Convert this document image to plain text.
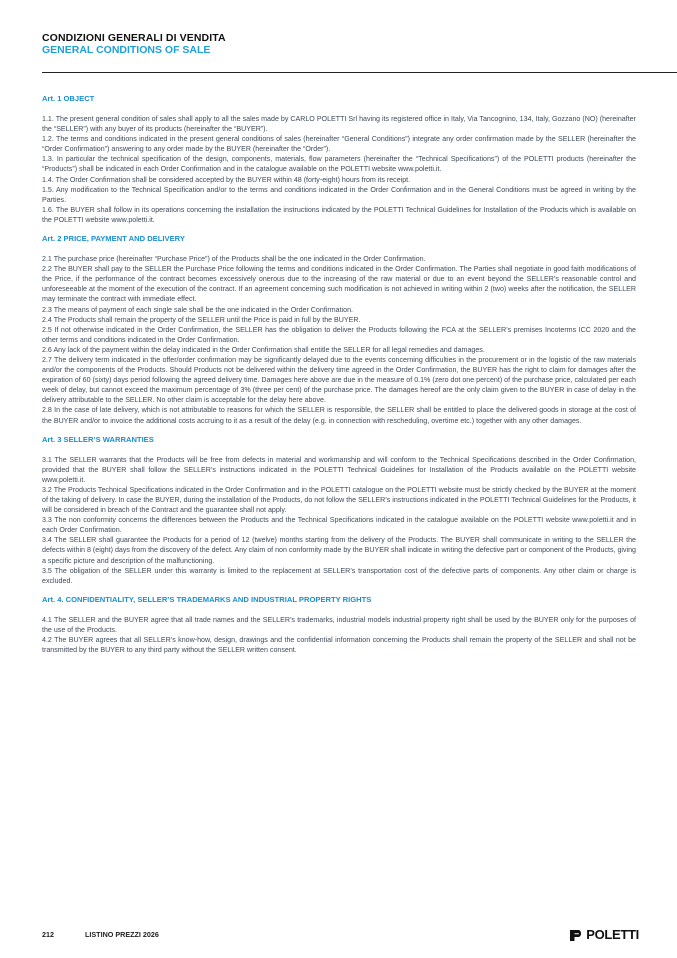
CONDIZIONI GENERALI DI VENDITA
GENERAL CONDITIONS OF SALE
Art. 1 OBJECT

1.1. The present general condition of sales shall apply to all the sales made by CARLO POLETTI Srl having its registered office in Italy, Via Tancognino, 134, Italy, Gozzano (NO) (hereinafter the “SELLER”) with any buyer of its products (hereinafter the “BUYER”).

1.2. The terms and conditions indicated in the present general conditions of sales (hereinafter “General Conditions”) integrate any order confirmation made by the SELLER (hereinafter the “Order Confirmation”) answering to any order made by the BUYER (hereinafter the “Order”).

1.3. In particular the technical specification of the design, components, materials, flow parameters (hereinafter the “Technical Specifications”) of the POLETTI products (hereinafter the “Products”) shall be indicated in each Order Confirmation and in the catalogue available on the POLETTI website www.poletti.it.

1.4. The Order Confirmation shall be considered accepted by the BUYER within 48 (forty-eight) hours from its receipt.

1.5. Any modification to the Technical Specification and/or to the terms and conditions indicated in the Order Confirmation and in the General Conditions must be agreed in writing by the Parties.

1.6. The BUYER shall follow in its operations concerning the installation the instructions indicated by the POLETTI Technical Guidelines for Installation of the Products which is available on the POLETTI website www.poletti.it.

Art. 2 PRICE, PAYMENT AND DELIVERY

2.1 The purchase price (hereinafter “Purchase Price”) of the Products shall be the one indicated in the Order Confirmation.

2.2 The BUYER shall pay to the SELLER the Purchase Price following the terms and conditions indicated in the Order Confirmation. The Parties shall negotiate in good faith modifications of the Price, if the performance of the contract becomes excessively onerous due to the increasing of the raw material or due to an event beyond the SELLER’s reasonable control and unforeseeable at the moment of the execution of the contract. If an agreement concerning such modification is not achieved in writing within 2 (two) weeks after the notification, the SELLER may terminate the contract with immediate effect.

2.3 The means of payment of each single sale shall be the one indicated in the Order Confirmation.

2.4 The Products shall remain the property of the SELLER until the Price is paid in full by the BUYER.

2.5 If not otherwise indicated in the Order Confirmation, the SELLER has the obligation to deliver the Products following the FCA at the SELLER’s premises Incoterms ICC 2020 and the other terms and conditions indicated in the Order Confirmation.

2.6 Any lack of the payment within the delay indicated in the Order Confirmation shall entitle the SELLER for all legal remedies and damages.

2.7 The delivery term indicated in the offer/order confirmation may be significantly delayed due to the events concerning difficulties in the procurement or in the logistic of the raw materials and/or the components of the Products. Should Products not be delivered within the delivery time agreed in the Order Confirmation, the BUYER has the right to claim for damages after the expiration of 60 (sixty) days period following the agreed delivery time. Damages here above are due in the measure of 0.1% (zero dot one percent) of the purchase price, calculated per each week of delay, but cannot exceed the maximum percentage of 3% (three per cent) of the purchase price. The damages hereof are the only claim given to the BUYER in case of delay in the delivery attributable to the SELLER. No other claim is acceptable for the delay here above.

2.8 In the case of late delivery, which is not attributable to reasons for which the SELLER is responsible, the SELLER shall be entitled to place the delivered goods in storage at the cost of the BUYER and/or to invoice the additional costs accruing to it as a result of the delay (e.g. in connection with rescheduling, overtime etc.) together with any other damages.

Art. 3 SELLER’S WARRANTIES

3.1 The SELLER warrants that the Products will be free from defects in material and workmanship and will conform to the Technical Specifications described in the Order Confirmation, provided that the BUYER shall follow the SELLER’s instructions indicated in the POLETTI Technical Guidelines for Installation of the Products available on the POLETTI website www.poletti.it.

3.2 The Products Technical Specifications indicated in the Order Confirmation and in the POLETTI catalogue on the POLETTI website must be strictly checked by the BUYER at the moment of the taking of delivery. In case the BUYER, during the installation of the Products, do not follow the SELLER’s instructions indicated in the POLETTI Technical Guidelines for the Products, it will be considered in breach of the Contract and the guarantee shall not apply.

3.3 The non conformity concerns the differences between the Products and the Technical Specifications indicated in the catalogue available on the POLETTI website www.poletti.it and in each Order Confirmation.

3.4 The SELLER shall guarantee the Products for a period of 12 (twelve) months starting from the delivery of the Products. The BUYER shall communicate in writing to the SELLER the defects within 8 (eight) days from the discovery of the defect. Any claim of non conformity made by the BUYER shall indicate in writing the defective part or component of the Products, giving a specific picture and description of the malfunctioning.

3.5 The obligation of the SELLER under this warranty is limited to the replacement at SELLER’s transportation cost of the defective parts of components. Any other claim or charge is excluded.

Art. 4. CONFIDENTIALITY, SELLER’S TRADEMARKS AND INDUSTRIAL PROPERTY RIGHTS

4.1 The SELLER and the BUYER agree that all trade names and the SELLER’s trademarks, industrial models industrial property right shall be used by the BUYER only for the purposes of the use of the Products.

4.2 The BUYER agrees that all SELLER’s know-how, design, drawings and the confidential information concerning the Products shall remain the property of the SELLER and shall not be transmitted by the BUYER to any third party without the SELLER written consent.

212	LISTINO PREZZI 2026	POLETTI
